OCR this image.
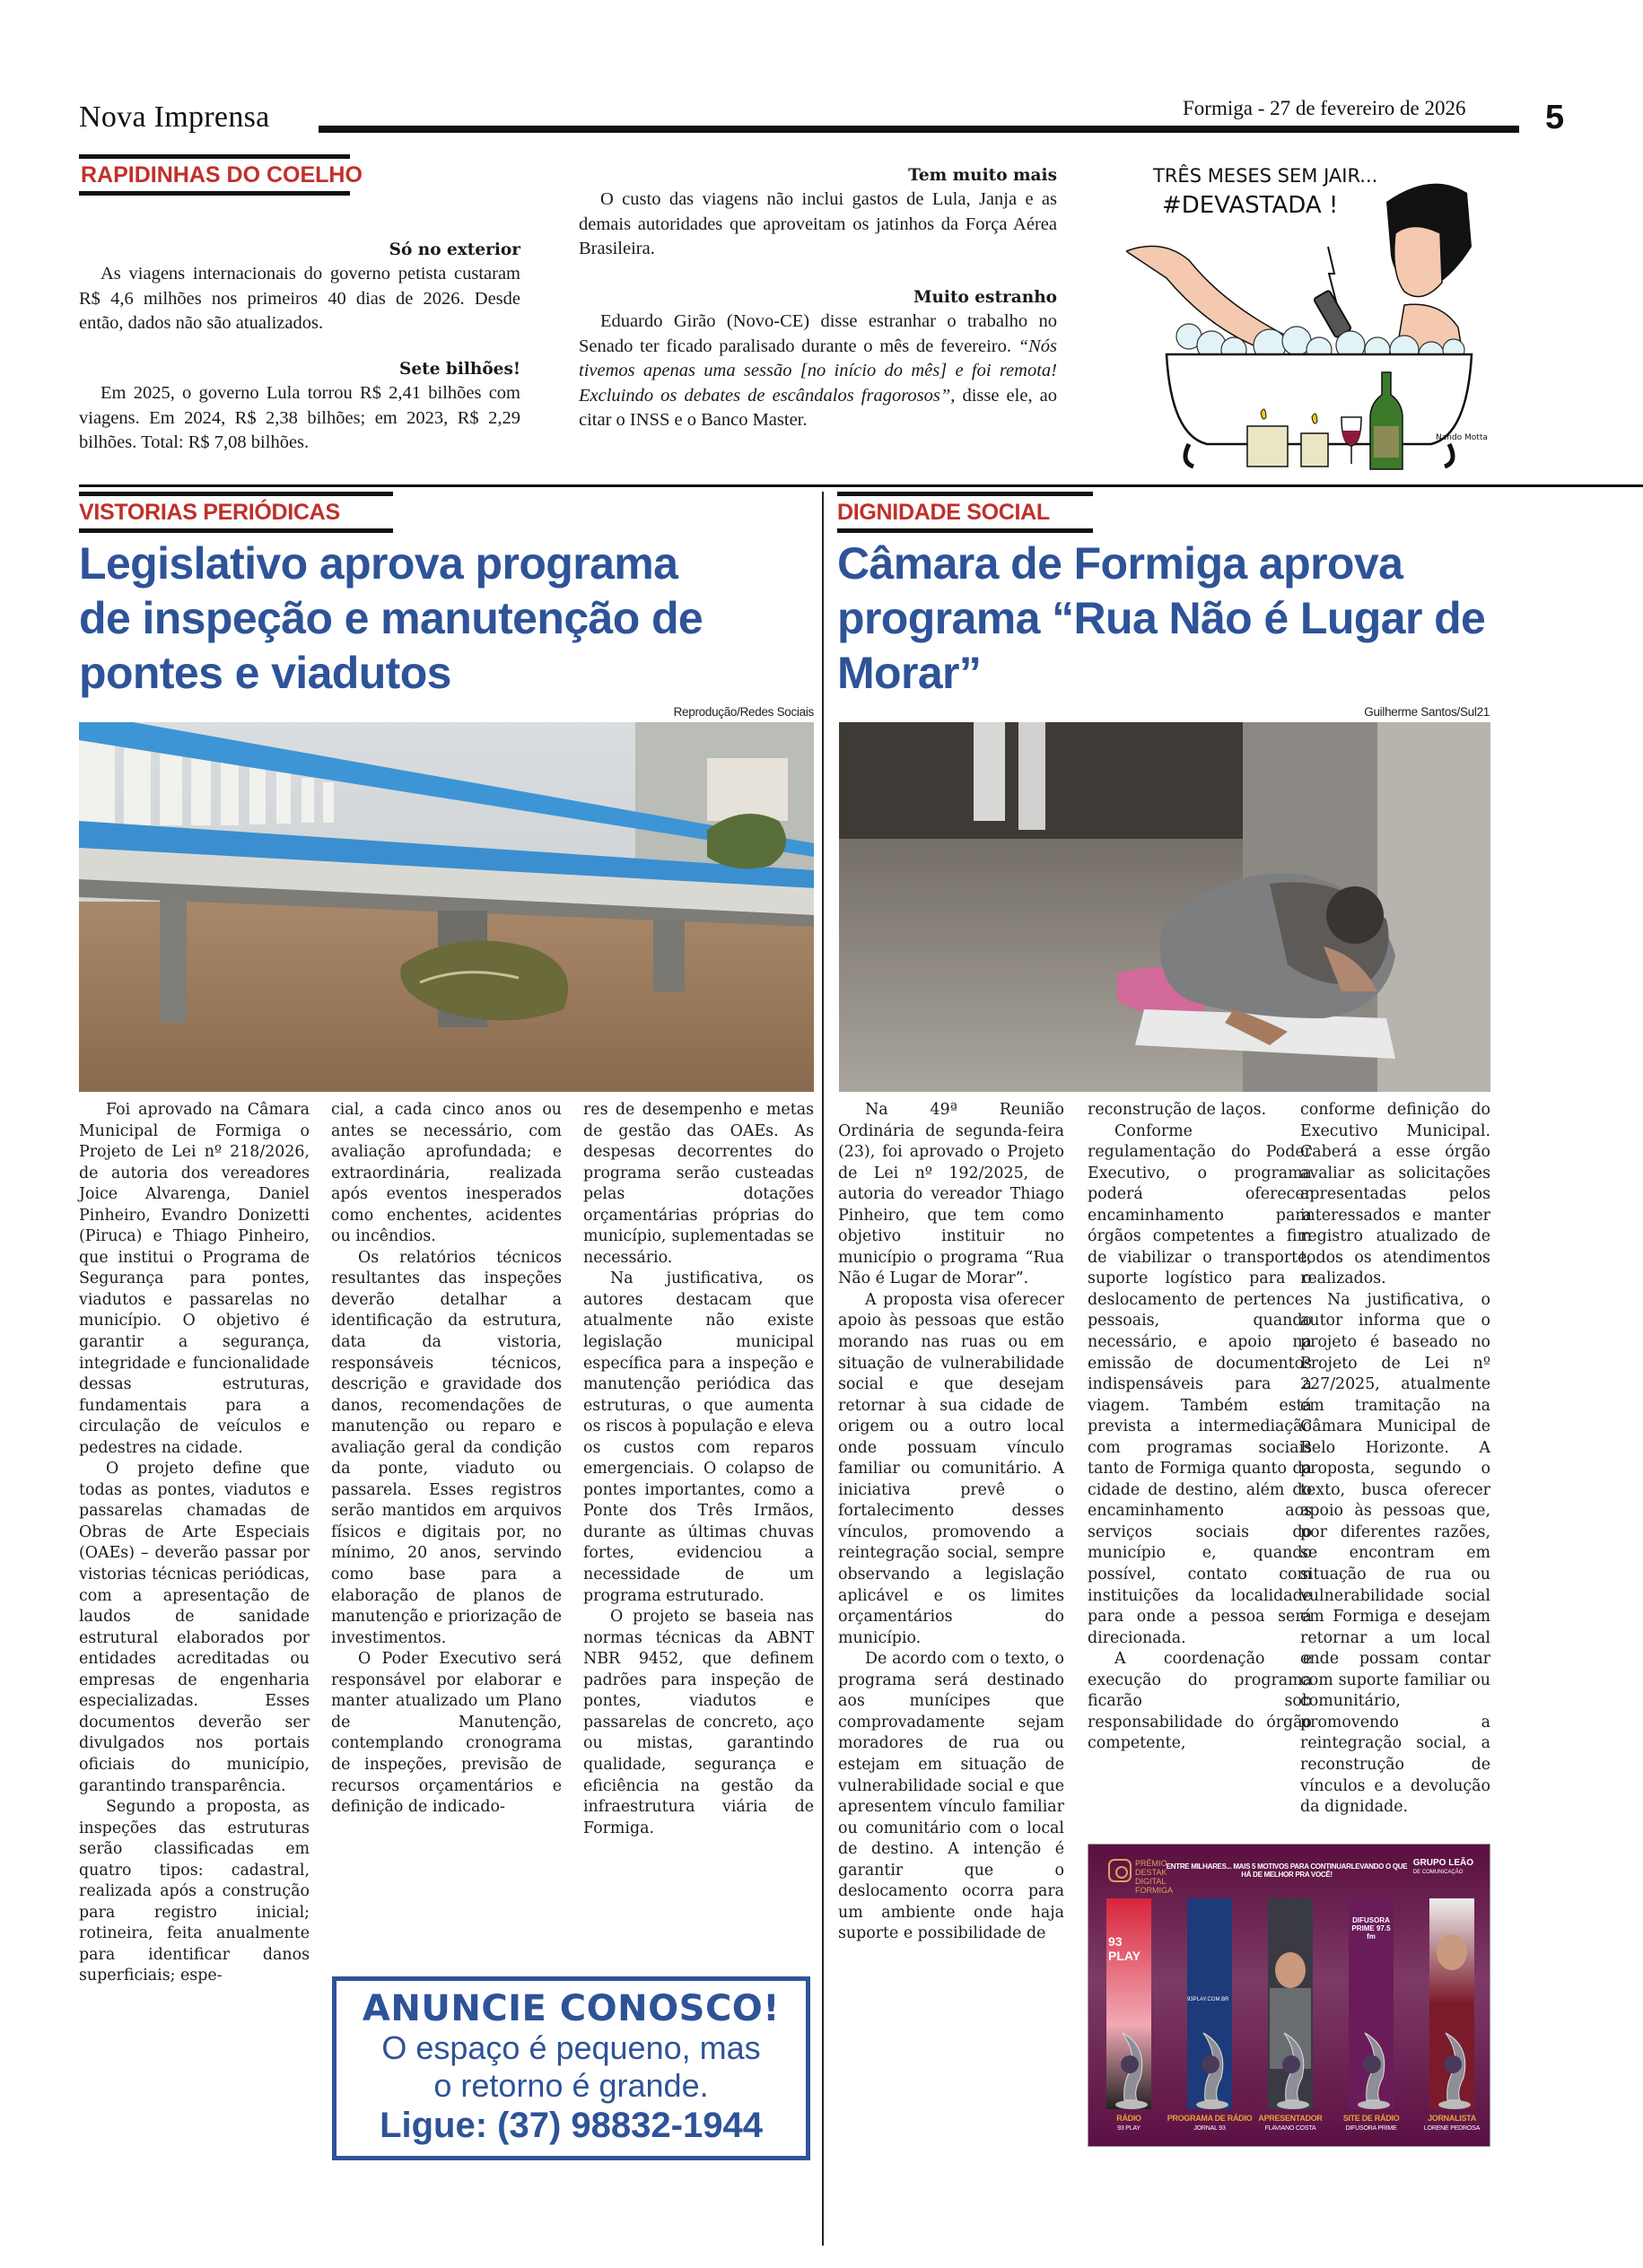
Nova Imprensa	Formiga - 27 de fevereiro de 2026 5
RAPIDINHAS DO COELHO
Só no exterior

As viagens internacionais do governo petista custaram R$ 4,6 milhões nos primeiros 40 dias de 2026. Desde então, dados não são atualizados.

Sete bilhões!

Em 2025, o governo Lula torrou R$ 2,41 bilhões com viagens. Em 2024, R$ 2,38 bilhões; em 2023, R$ 2,29 bilhões. Total: R$ 7,08 bilhões.

Tem muito mais

O custo das viagens não inclui gastos de Lula, Janja e as demais autoridades que aproveitam os jatinhos da Força Aérea Brasileira.

Muito estranho

Eduardo Girão (Novo-CE) disse estranhar o trabalho no Senado ter ficado paralisado durante o mês de fevereiro. “Nós tivemos apenas uma sessão [no início do mês] e foi remota! Excluindo os debates de escândalos fragorosos”, disse ele, ao citar o INSS e o Banco Master.

TRÊS MESES SEM JAIR...
#DEVASTADA !
Nando Motta
VISTORIAS PERIÓDICAS
Legislativo aprova programa
de inspeção e manutenção de
pontes e viadutos
Reprodução/Redes Sociais

Foi aprovado na Câmara Municipal de Formiga o Projeto de Lei nº 218/2026, de autoria dos vereadores Joice Alvarenga, Daniel Pinheiro, Evandro Donizetti (Piruca) e Thiago Pinheiro, que institui o Programa de Segurança para pontes, viadutos e passarelas no município. O objetivo é garantir a segurança, integridade e funcionalidade dessas estruturas, fundamentais para a circulação de veículos e pedestres na cidade.

O projeto define que todas as pontes, viadutos e passarelas chamadas de Obras de Arte Especiais (OAEs) – deverão passar por vistorias técnicas periódicas, com a apresentação de laudos de sanidade estrutural elaborados por entidades acreditadas ou empresas de engenharia especializadas. Esses documentos deverão ser divulgados nos portais oficiais do município, garantindo transparência.

Segundo a proposta, as inspeções das estruturas serão classificadas em quatro tipos: cadastral, realizada após a construção para registro inicial; rotineira, feita anualmente para identificar danos superficiais; espe-

cial, a cada cinco anos ou antes se necessário, com avaliação aprofundada; e extraordinária, realizada após eventos inesperados como enchentes, acidentes ou incêndios.

Os relatórios técnicos resultantes das inspeções deverão detalhar a identificação da estrutura, data da vistoria, responsáveis técnicos, descrição e gravidade dos danos, recomendações de manutenção ou reparo e avaliação geral da condição da ponte, viaduto ou passarela. Esses registros serão mantidos em arquivos físicos e digitais por, no mínimo, 20 anos, servindo como base para a elaboração de planos de manutenção e priorização de investimentos.

O Poder Executivo será responsável por elaborar e manter atualizado um Plano de Manutenção, contemplando cronograma de inspeções, previsão de recursos orçamentários e definição de indicado-

res de desempenho e metas de gestão das OAEs. As despesas decorrentes do programa serão custeadas pelas dotações orçamentárias próprias do município, suplementadas se necessário.

Na justificativa, os autores destacam que atualmente não existe legislação municipal específica para a inspeção e manutenção periódica das estruturas, o que aumenta os riscos à população e eleva os custos com reparos emergenciais. O colapso de pontes importantes, como a Ponte dos Três Irmãos, durante as últimas chuvas fortes, evidenciou a necessidade de um programa estruturado.

O projeto se baseia nas normas técnicas da ABNT NBR 9452, que definem padrões para inspeção de pontes, viadutos e passarelas de concreto, aço ou mistas, garantindo qualidade, segurança e eficiência na gestão da infraestrutura viária de Formiga.

ANUNCIE CONOSCO!
O espaço é pequeno, mas
o retorno é grande.
Ligue: (37) 98832-1944
DIGNIDADE SOCIAL
Câmara de Formiga aprova
programa “Rua Não é Lugar de
Morar”
Guilherme Santos/Sul21

Na 49ª Reunião Ordinária de segunda-feira (23), foi aprovado o Projeto de Lei nº 192/2025, de autoria do vereador Thiago Pinheiro, que tem como objetivo instituir no município o programa “Rua Não é Lugar de Morar”.

A proposta visa oferecer apoio às pessoas que estão morando nas ruas ou em situação de vulnerabilidade social e que desejam retornar à sua cidade de origem ou a outro local onde possuam vínculo familiar ou comunitário. A iniciativa prevê o fortalecimento desses vínculos, promovendo a reintegração social, sempre observando a legislação aplicável e os limites orçamentários do município.

De acordo com o texto, o programa será destinado aos munícipes que comprovadamente sejam moradores de rua ou estejam em situação de vulnerabilidade social e que apresentem vínculo familiar ou comunitário com o local de destino. A intenção é garantir que o deslocamento ocorra para um ambiente onde haja suporte e possibilidade de

reconstrução de laços.

Conforme regulamentação do Poder Executivo, o programa poderá oferecer encaminhamento para órgãos competentes a fim de viabilizar o transporte, suporte logístico para o deslocamento de pertences pessoais, quando necessário, e apoio na emissão de documentos indispensáveis para a viagem. Também está prevista a intermediação com programas sociais tanto de Formiga quanto da cidade de destino, além do encaminhamento aos serviços sociais do município e, quando possível, contato com instituições da localidade para onde a pessoa será direcionada.

A coordenação e execução do programa ficarão sob responsabilidade do órgão competente,

conforme definição do Executivo Municipal. Caberá a esse órgão avaliar as solicitações apresentadas pelos interessados e manter registro atualizado de todos os atendimentos realizados.

Na justificativa, o autor informa que o projeto é baseado no Projeto de Lei nº 227/2025, atualmente em tramitação na Câmara Municipal de Belo Horizonte. A proposta, segundo o texto, busca oferecer apoio às pessoas que, por diferentes razões, se encontram em situação de rua ou vulnerabilidade social em Formiga e desejam retornar a um local onde possam contar com suporte familiar ou comunitário, promovendo a reintegração social, a reconstrução de vínculos e a devolução da dignidade.

PRÊMIO DESTAK DIGITAL FORMIGA
ENTRE MILHARES... MAIS 5 MOTIVOS PARA CONTINUARLEVANDO O QUE HÁ DE MELHOR PRA VOCÊ!
GRUPO LEÃO
DE COMUNICAÇÃO
93 PLAY
93PLAY.COM.BR
DIFUSORA PRIME 97.5 fm
RÁDIO
93 PLAY
PROGRAMA DE RÁDIO
JORNAL 93
APRESENTADOR
FLAVIANO COSTA
SITE DE RÁDIO
DIFUSORA PRIME
JORNALISTA
LORENE PEDROSA
